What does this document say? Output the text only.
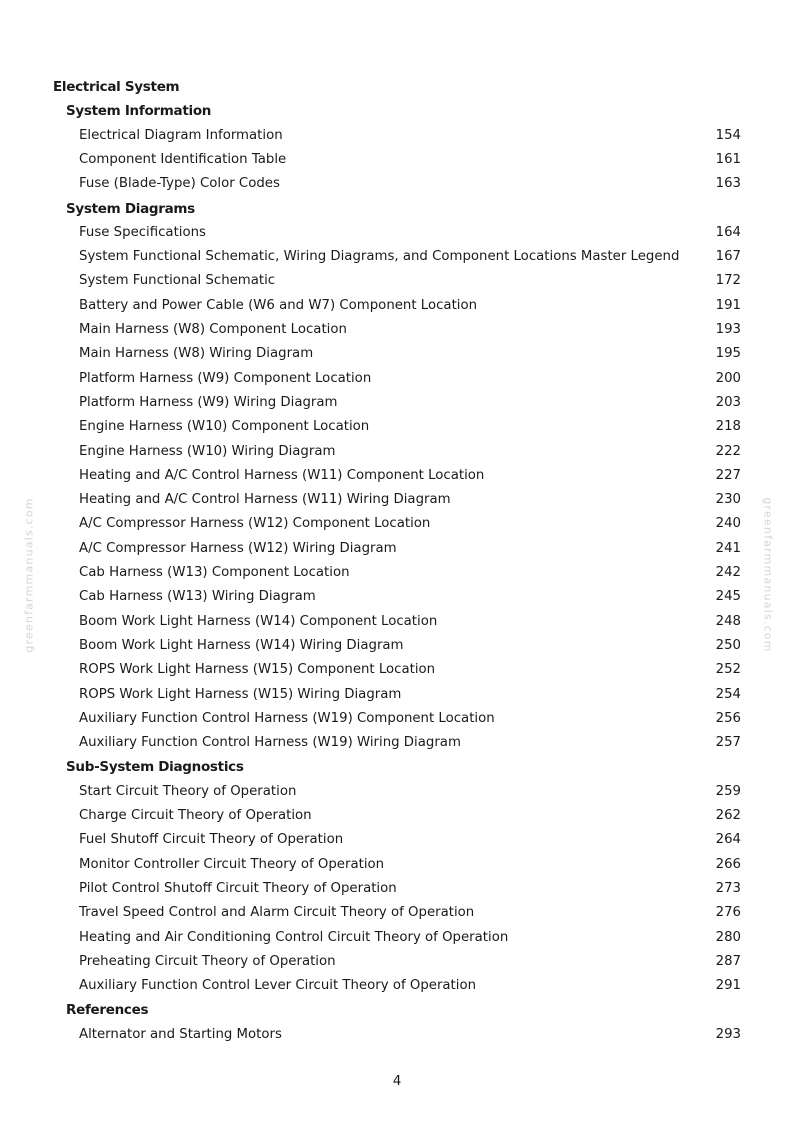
Electrical System
System Information
Electrical Diagram Information	154
Component Identification Table	161
Fuse (Blade-Type) Color Codes	163
System Diagrams
Fuse Specifications	164
System Functional Schematic, Wiring Diagrams, and Component Locations Master Legend	167
System Functional Schematic	172
Battery and Power Cable (W6 and W7) Component Location	191
Main Harness (W8) Component Location	193
Main Harness (W8) Wiring Diagram	195
Platform Harness (W9) Component Location	200
Platform Harness (W9) Wiring Diagram	203
Engine Harness (W10) Component Location	218
Engine Harness (W10) Wiring Diagram	222
Heating and A/C Control Harness (W11) Component Location	227
Heating and A/C Control Harness (W11) Wiring Diagram	230
A/C Compressor Harness (W12) Component Location	240
A/C Compressor Harness (W12) Wiring Diagram	241
Cab Harness (W13) Component Location	242
Cab Harness (W13) Wiring Diagram	245
Boom Work Light Harness (W14) Component Location	248
Boom Work Light Harness (W14) Wiring Diagram	250
ROPS Work Light Harness (W15) Component Location	252
ROPS Work Light Harness (W15) Wiring Diagram	254
Auxiliary Function Control Harness (W19) Component Location	256
Auxiliary Function Control Harness (W19) Wiring Diagram	257
Sub-System Diagnostics
Start Circuit Theory of Operation	259
Charge Circuit Theory of Operation	262
Fuel Shutoff Circuit Theory of Operation	264
Monitor Controller Circuit Theory of Operation	266
Pilot Control Shutoff Circuit Theory of Operation	273
Travel Speed Control and Alarm Circuit Theory of Operation	276
Heating and Air Conditioning Control Circuit Theory of Operation	280
Preheating Circuit Theory of Operation	287
Auxiliary Function Control Lever Circuit Theory of Operation	291
References
Alternator and Starting Motors	293
greenfarmmanuals.com	greenfarmmanuals.com
4
